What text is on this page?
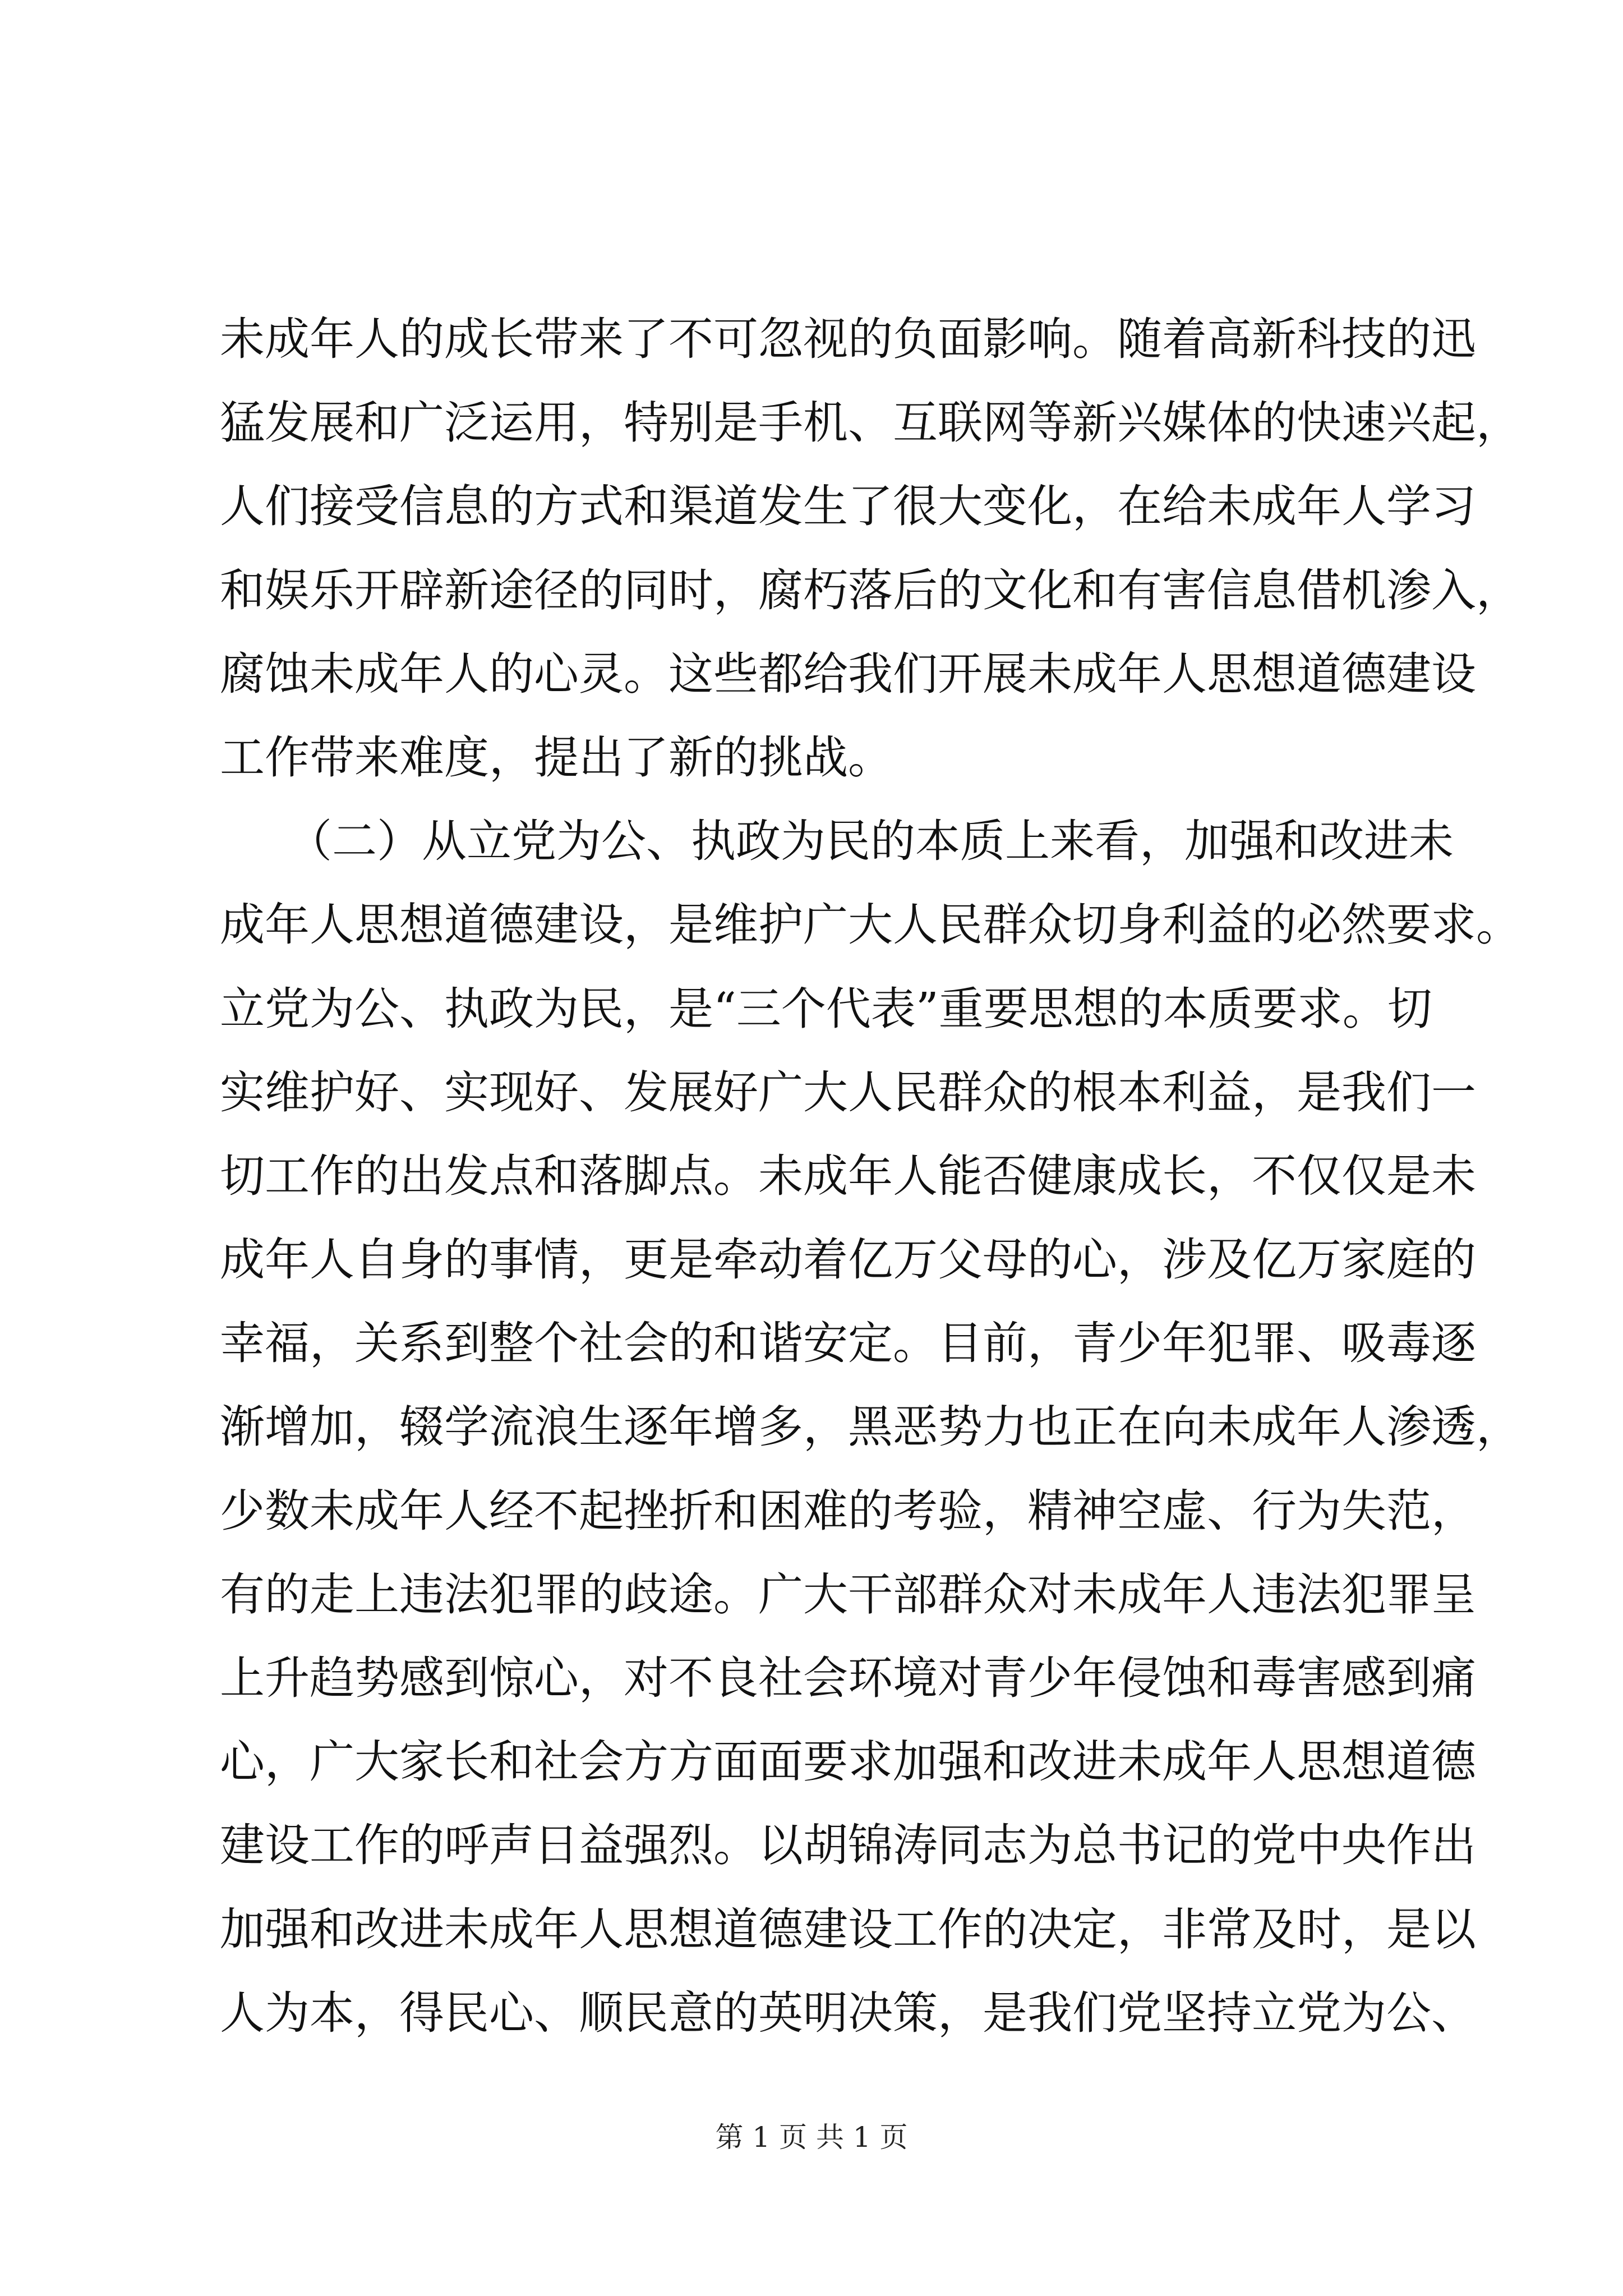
未成年人的成长带来了不可忽视的负面影响。随着高新科技的迅
猛发展和广泛运用，特别是手机、互联网等新兴媒体的快速兴起，
人们接受信息的方式和渠道发生了很大变化，在给未成年人学习
和娱乐开辟新途径的同时，腐朽落后的文化和有害信息借机渗入，
腐蚀未成年人的心灵。这些都给我们开展未成年人思想道德建设
工作带来难度，提出了新的挑战。
　　（二）从立党为公、执政为民的本质上来看，加强和改进未
成年人思想道德建设，是维护广大人民群众切身利益的必然要求。
立党为公、执政为民，是“三个代表”重要思想的本质要求。切
实维护好、实现好、发展好广大人民群众的根本利益，是我们一
切工作的出发点和落脚点。未成年人能否健康成长，不仅仅是未
成年人自身的事情，更是牵动着亿万父母的心，涉及亿万家庭的
幸福，关系到整个社会的和谐安定。目前，青少年犯罪、吸毒逐
渐增加，辍学流浪生逐年增多，黑恶势力也正在向未成年人渗透，
少数未成年人经不起挫折和困难的考验，精神空虚、行为失范，
有的走上违法犯罪的歧途。广大干部群众对未成年人违法犯罪呈
上升趋势感到惊心，对不良社会环境对青少年侵蚀和毒害感到痛
心，广大家长和社会方方面面要求加强和改进未成年人思想道德
建设工作的呼声日益强烈。以胡锦涛同志为总书记的党中央作出
加强和改进未成年人思想道德建设工作的决定，非常及时，是以
人为本，得民心、顺民意的英明决策，是我们党坚持立党为公、
第 1 页 共 1 页
